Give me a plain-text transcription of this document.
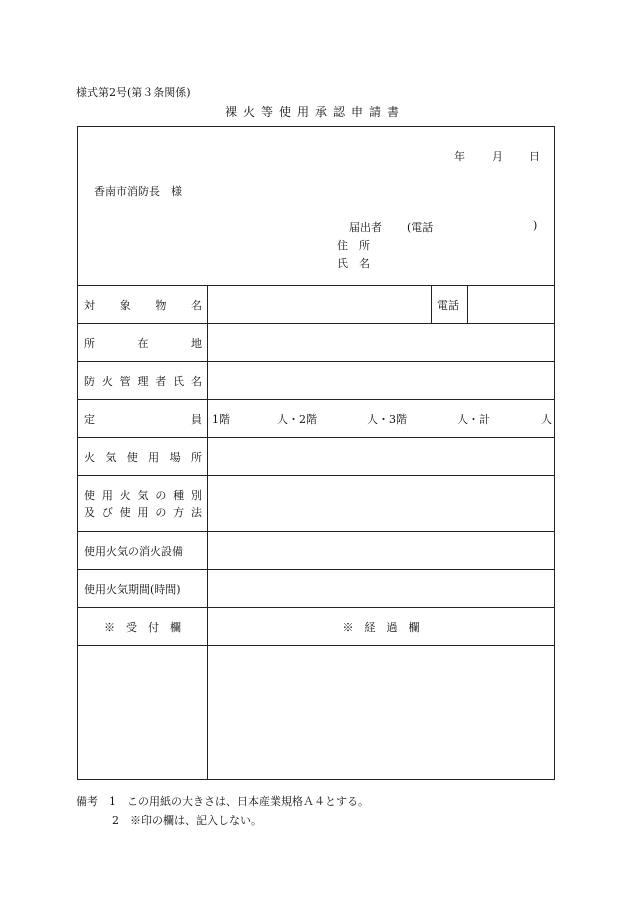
様式第2号(第３条関係)
裸火等使用承認申請書
年 月 日
香南市消防長　様
届出者 (電話	)
住　所
氏　名
対 象 物 名	電話
所	在	地
防 火 管 理 者 氏 名
定	員 1階	人・2階	人・3階	人・計	人
火 気 使 用 場 所
使 用 火 気 の 種 別
及 び 使 用 の 方 法
使用火気の消火設備
使用火気期間(時間)
※　受　付　欄	※　経　過　欄
備考　1　この用紙の大きさは、日本産業規格Ａ４とする。
2　※印の欄は、記入しない。
